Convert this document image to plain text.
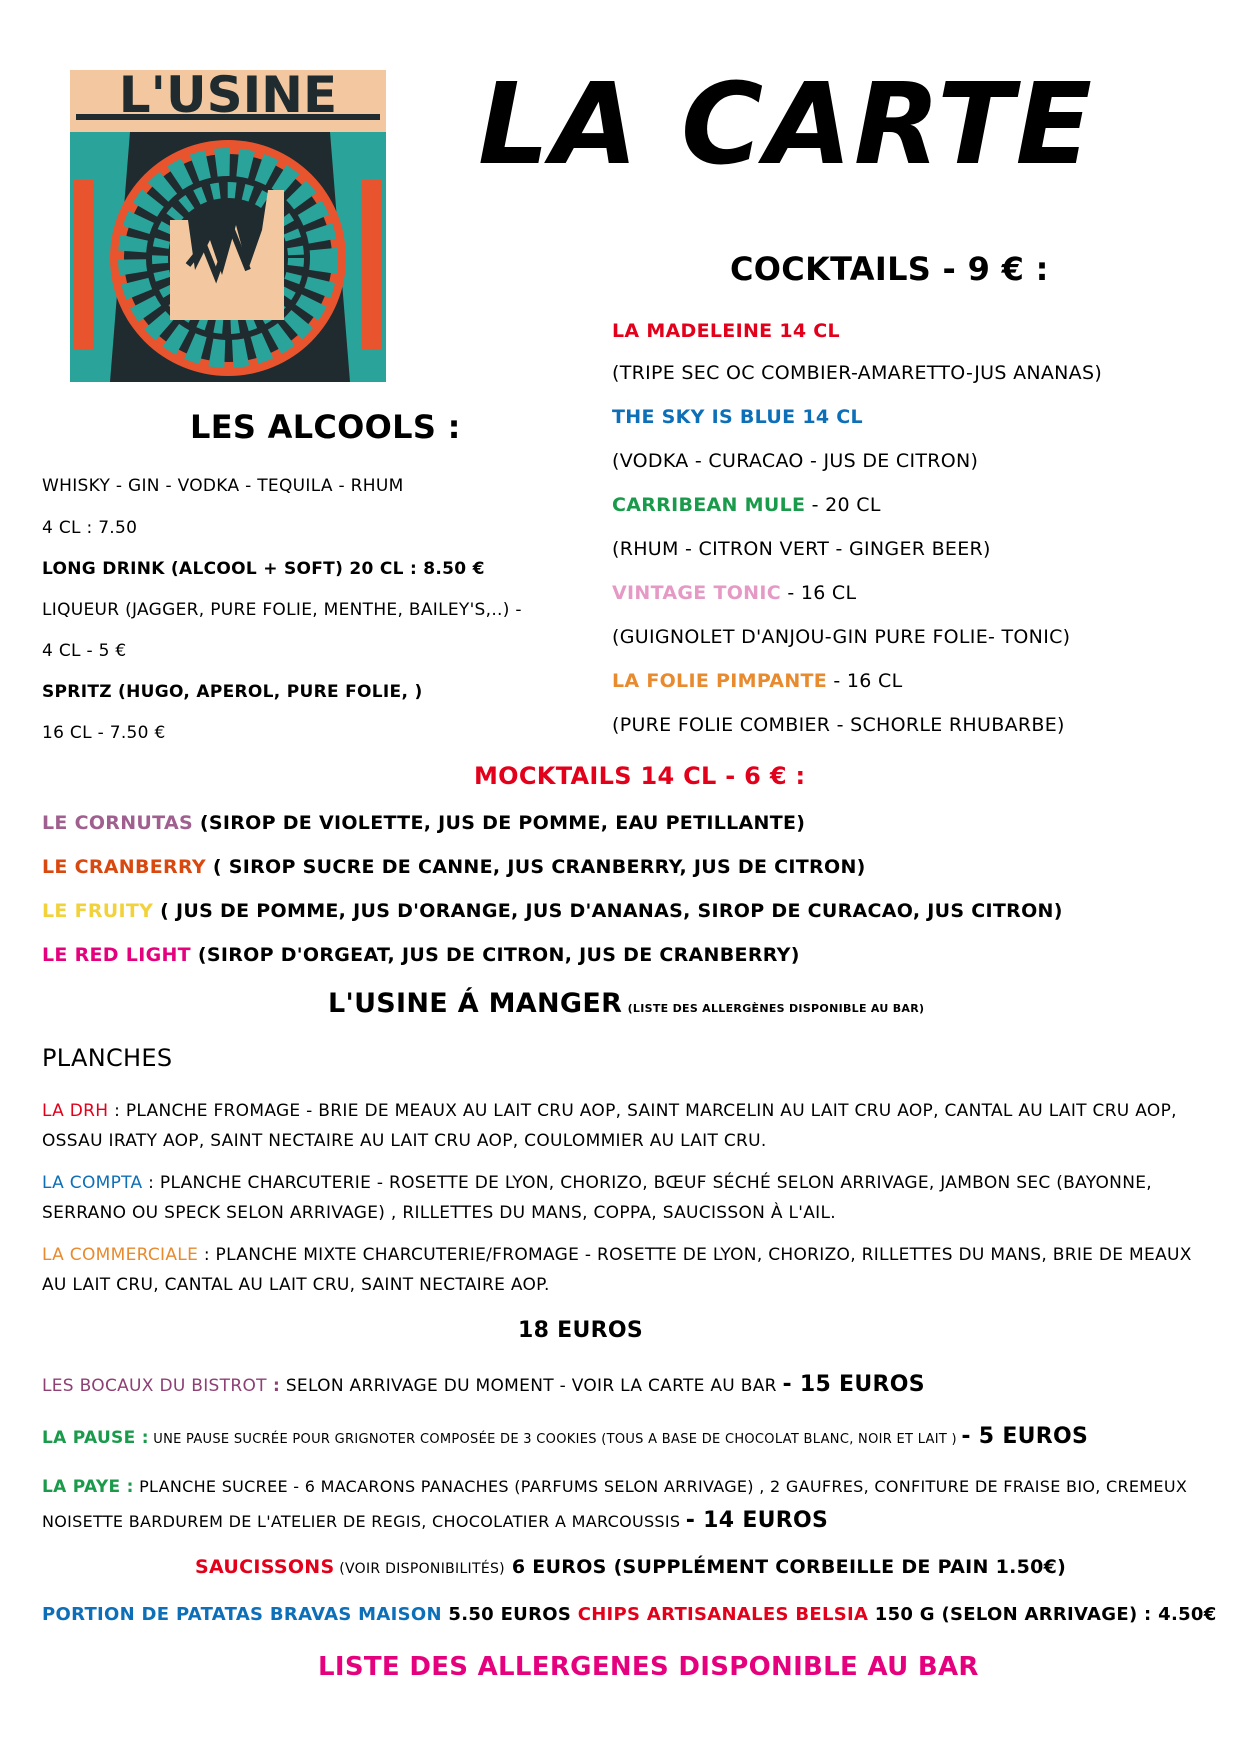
L'USINE LA CARTE
COCKTAILS - 9 € :
LA MADELEINE 14 CL
(TRIPE SEC OC COMBIER-AMARETTO-JUS ANANAS)
THE SKY IS BLUE 14 CL
(VODKA - CURACAO - JUS DE CITRON)
CARRIBEAN MULE - 20 CL
(RHUM - CITRON VERT - GINGER BEER)
VINTAGE TONIC - 16 CL
(GUIGNOLET D'ANJOU-GIN PURE FOLIE- TONIC)
LA FOLIE PIMPANTE - 16 CL
(PURE FOLIE COMBIER - SCHORLE RHUBARBE)
LES ALCOOLS :
WHISKY - GIN - VODKA - TEQUILA - RHUM
4 CL : 7.50
LONG DRINK (ALCOOL + SOFT) 20 CL : 8.50 €
LIQUEUR (JAGGER, PURE FOLIE, MENTHE, BAILEY'S,..) -
4 CL - 5 €
SPRITZ (HUGO, APEROL, PURE FOLIE, )
16 CL - 7.50 €
MOCKTAILS 14 CL - 6 € :
LE CORNUTAS (SIROP DE VIOLETTE, JUS DE POMME, EAU PETILLANTE)
LE CRANBERRY ( SIROP SUCRE DE CANNE, JUS CRANBERRY, JUS DE CITRON)
LE FRUITY ( JUS DE POMME, JUS D'ORANGE, JUS D'ANANAS, SIROP DE CURACAO, JUS CITRON)
LE RED LIGHT (SIROP D'ORGEAT, JUS DE CITRON, JUS DE CRANBERRY)
L'USINE Á MANGER (LISTE DES ALLERGÈNES DISPONIBLE AU BAR)
PLANCHES
LA DRH : PLANCHE FROMAGE - BRIE DE MEAUX AU LAIT CRU AOP, SAINT MARCELIN AU LAIT CRU AOP, CANTAL AU LAIT CRU AOP, OSSAU IRATY AOP, SAINT NECTAIRE AU LAIT CRU AOP, COULOMMIER AU LAIT CRU.
LA COMPTA : PLANCHE CHARCUTERIE - ROSETTE DE LYON, CHORIZO, BŒUF SÉCHÉ SELON ARRIVAGE, JAMBON SEC (BAYONNE, SERRANO OU SPECK SELON ARRIVAGE) , RILLETTES DU MANS, COPPA, SAUCISSON À L'AIL.
LA COMMERCIALE : PLANCHE MIXTE CHARCUTERIE/FROMAGE - ROSETTE DE LYON, CHORIZO, RILLETTES DU MANS, BRIE DE MEAUX AU LAIT CRU, CANTAL AU LAIT CRU, SAINT NECTAIRE AOP.
18 EUROS
LES BOCAUX DU BISTROT : SELON ARRIVAGE DU MOMENT - VOIR LA CARTE AU BAR - 15 EUROS
LA PAUSE : UNE PAUSE SUCRÉE POUR GRIGNOTER COMPOSÉE DE 3 COOKIES (TOUS A BASE DE CHOCOLAT BLANC, NOIR ET LAIT ) - 5 EUROS
LA PAYE : PLANCHE SUCREE - 6 MACARONS PANACHES (PARFUMS SELON ARRIVAGE) , 2 GAUFRES, CONFITURE DE FRAISE BIO, CREMEUX NOISETTE BARDUREM DE L'ATELIER DE REGIS, CHOCOLATIER A MARCOUSSIS - 14 EUROS
SAUCISSONS (VOIR DISPONIBILITÉS) 6 EUROS (SUPPLÉMENT CORBEILLE DE PAIN 1.50€)
PORTION DE PATATAS BRAVAS MAISON 5.50 EUROS CHIPS ARTISANALES BELSIA 150 G (SELON ARRIVAGE) : 4.50€
LISTE DES ALLERGENES DISPONIBLE AU BAR
